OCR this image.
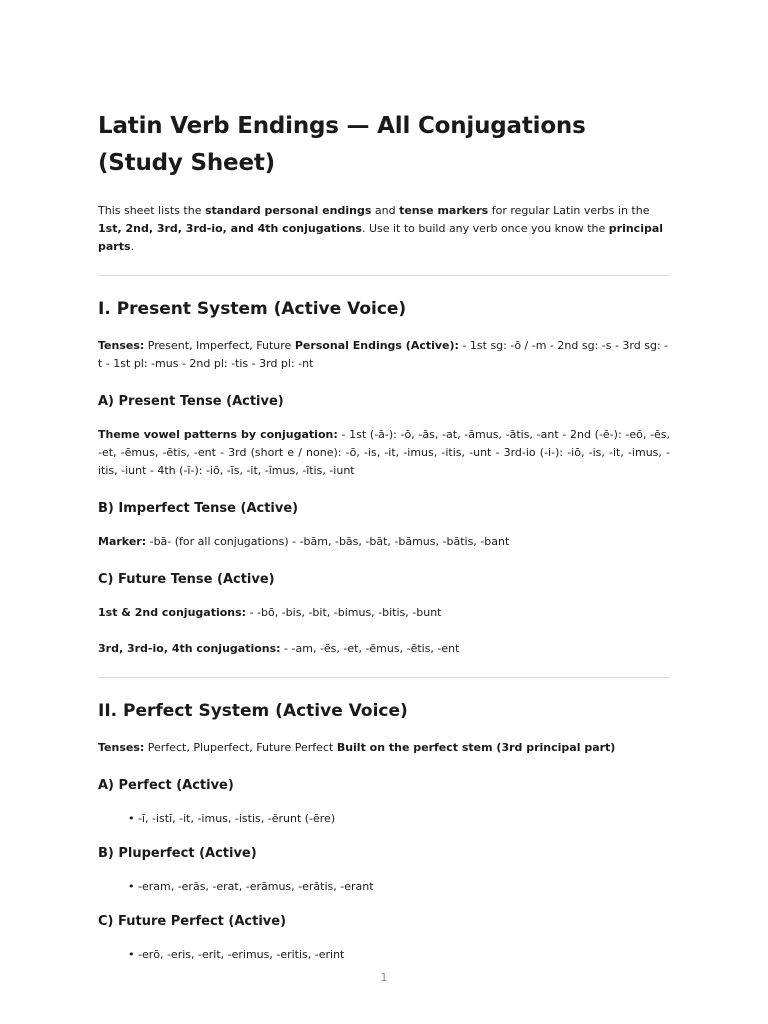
Latin Verb Endings — All Conjugations (Study Sheet)

This sheet lists the standard personal endings and tense markers for regular Latin verbs in the 1st, 2nd, 3rd, 3rd-io, and 4th conjugations. Use it to build any verb once you know the principal parts.

I. Present System (Active Voice)

Tenses: Present, Imperfect, Future Personal Endings (Active): - 1st sg: -ō / -m - 2nd sg: -s - 3rd sg: -t - 1st pl: -mus - 2nd pl: -tis - 3rd pl: -nt

A) Present Tense (Active)

Theme vowel patterns by conjugation: - 1st (-ā-): -ō, -ās, -at, -āmus, -ātis, -ant - 2nd (-ē-): -eō, -ēs, -et, -ēmus, -ētis, -ent - 3rd (short e / none): -ō, -is, -it, -imus, -itis, -unt - 3rd-io (-i-): -iō, -is, -it, -imus, -itis, -iunt - 4th (-ī-): -iō, -īs, -it, -īmus, -ītis, -iunt

B) Imperfect Tense (Active)

Marker: -bā- (for all conjugations) - -bām, -bās, -bāt, -bāmus, -bātis, -bant

C) Future Tense (Active)

1st & 2nd conjugations: - -bō, -bis, -bit, -bimus, -bitis, -bunt

3rd, 3rd-io, 4th conjugations: - -am, -ēs, -et, -ēmus, -ētis, -ent

II. Perfect System (Active Voice)

Tenses: Perfect, Pluperfect, Future Perfect Built on the perfect stem (3rd principal part)

A) Perfect (Active)

• -ī, -istī, -it, -imus, -istis, -ērunt (-ēre)

B) Pluperfect (Active)

• -eram, -erās, -erat, -erāmus, -erātis, -erant

C) Future Perfect (Active)

• -erō, -eris, -erit, -erimus, -eritis, -erint

1
